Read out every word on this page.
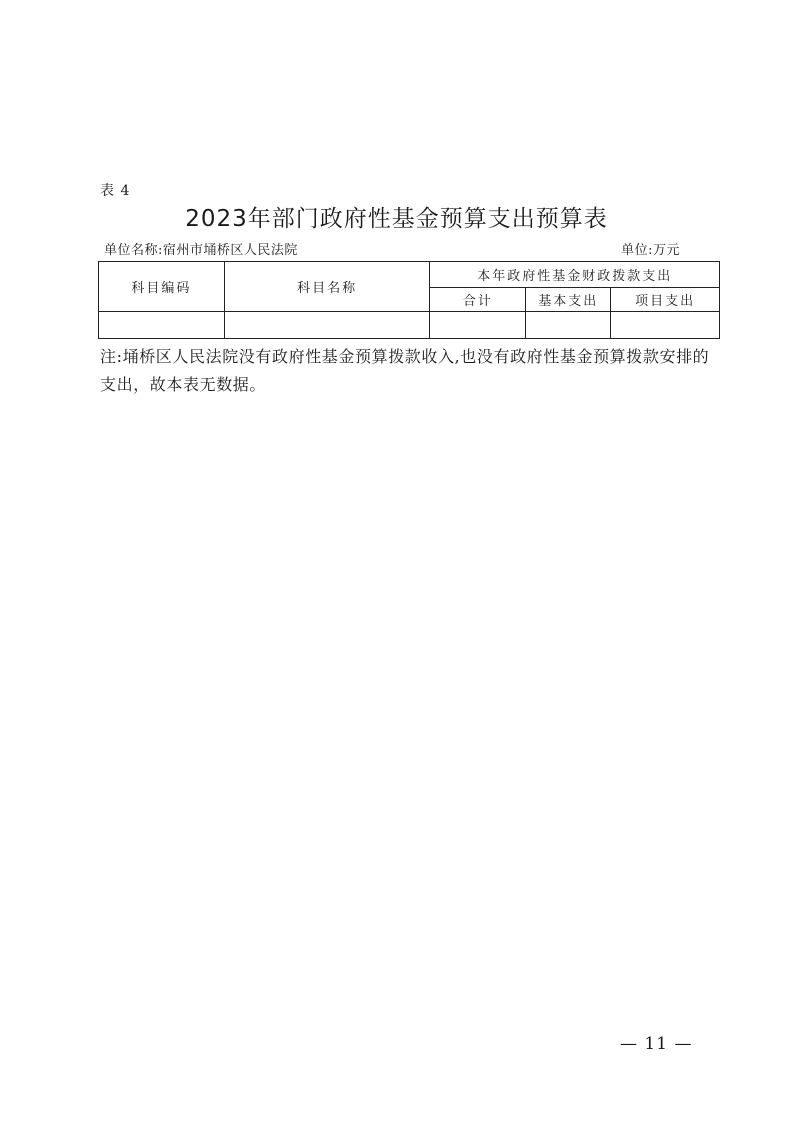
表 4
2023年部门政府性基金预算支出预算表
单位名称:宿州市埇桥区人民法院	单位:万元
科目编码	科目名称	本年政府性基金财政拨款支出		
		合计	基本支出	项目支出

注:埇桥区人民法院没有政府性基金预算拨款收入,也没有政府性基金预算拨款安排的支出，故本表无数据。
— 11 —
